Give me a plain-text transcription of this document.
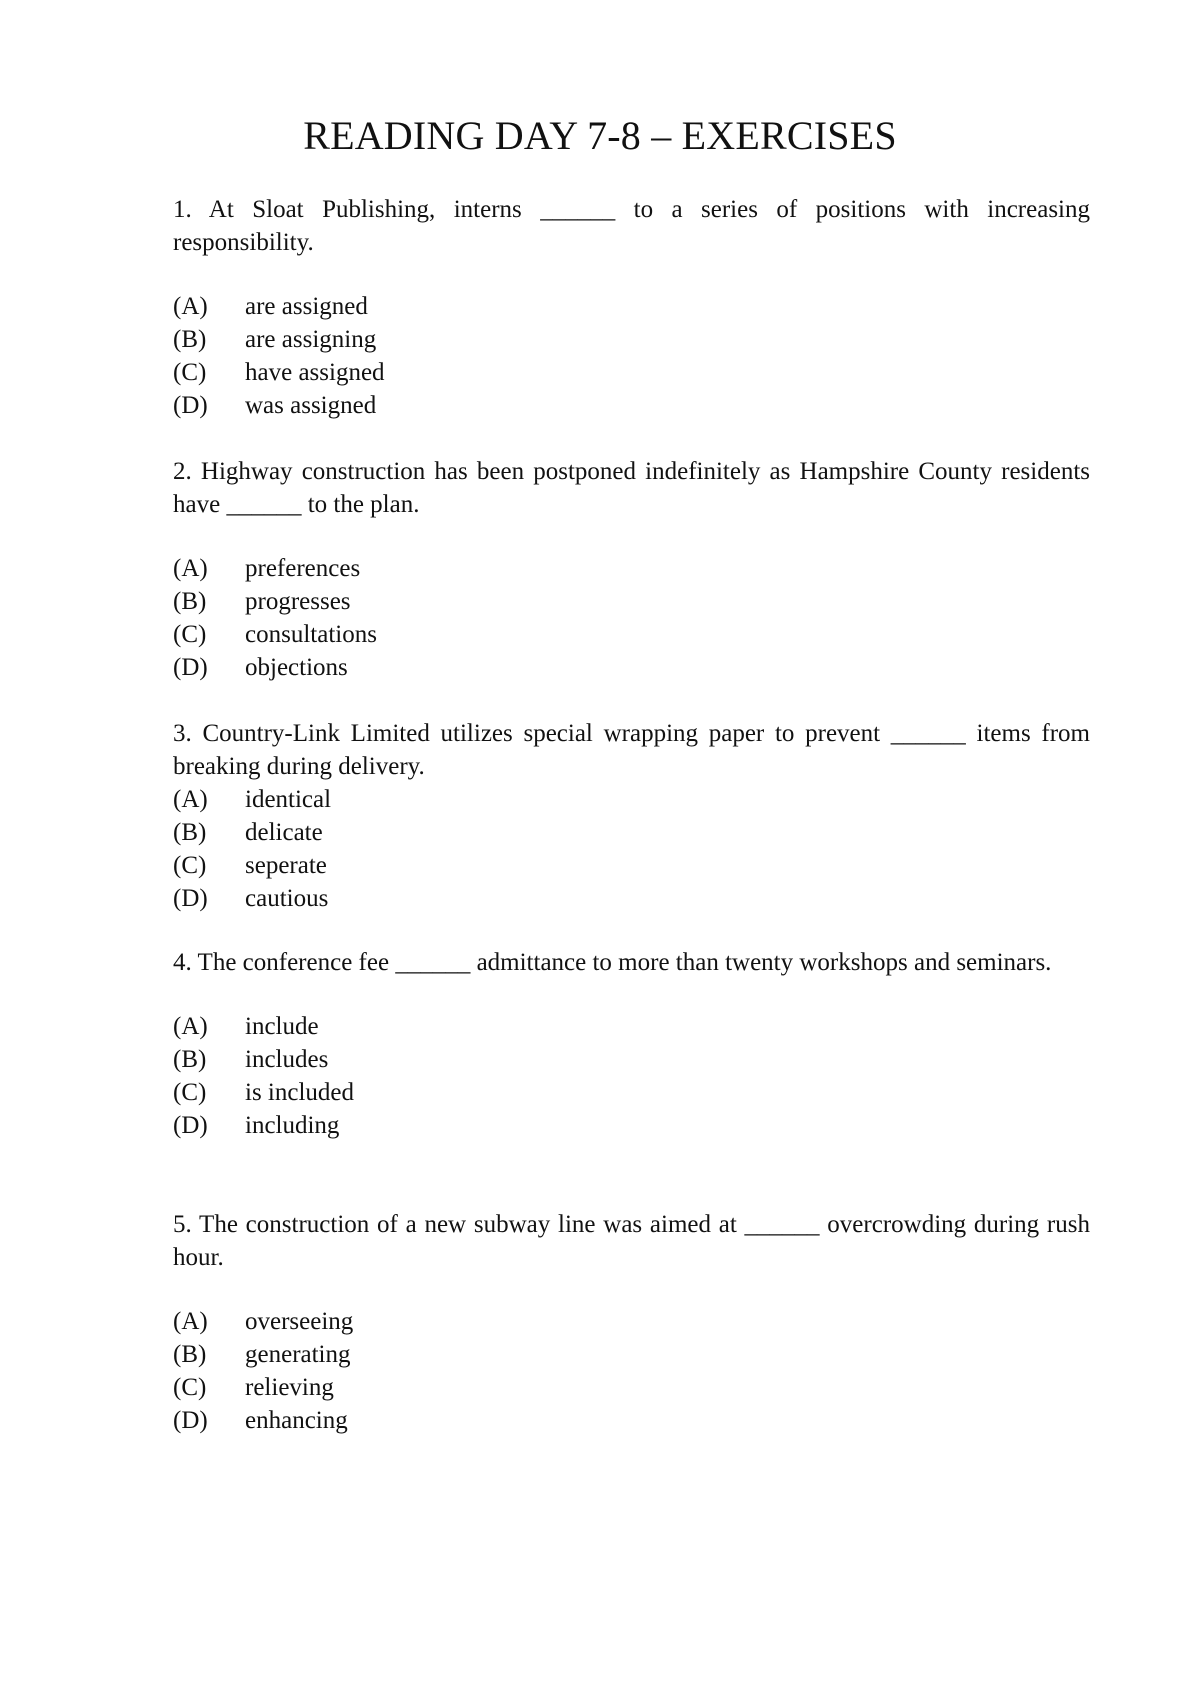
READING DAY 7-8 – EXERCISES

1. At Sloat Publishing, interns ______ to a series of positions with increasing responsibility.

(A) are assigned
(B) are assigning
(C) have assigned
(D) was assigned

2. Highway construction has been postponed indefinitely as Hampshire County residents have ______ to the plan.

(A) preferences
(B) progresses
(C) consultations
(D) objections

3. Country-Link Limited utilizes special wrapping paper to prevent ______ items from breaking during delivery.

(A) identical
(B) delicate
(C) seperate
(D) cautious

4. The conference fee ______ admittance to more than twenty workshops and seminars.

(A) include
(B) includes
(C) is included
(D) including

5. The construction of a new subway line was aimed at ______ overcrowding during rush hour.

(A) overseeing
(B) generating
(C) relieving
(D) enhancing
